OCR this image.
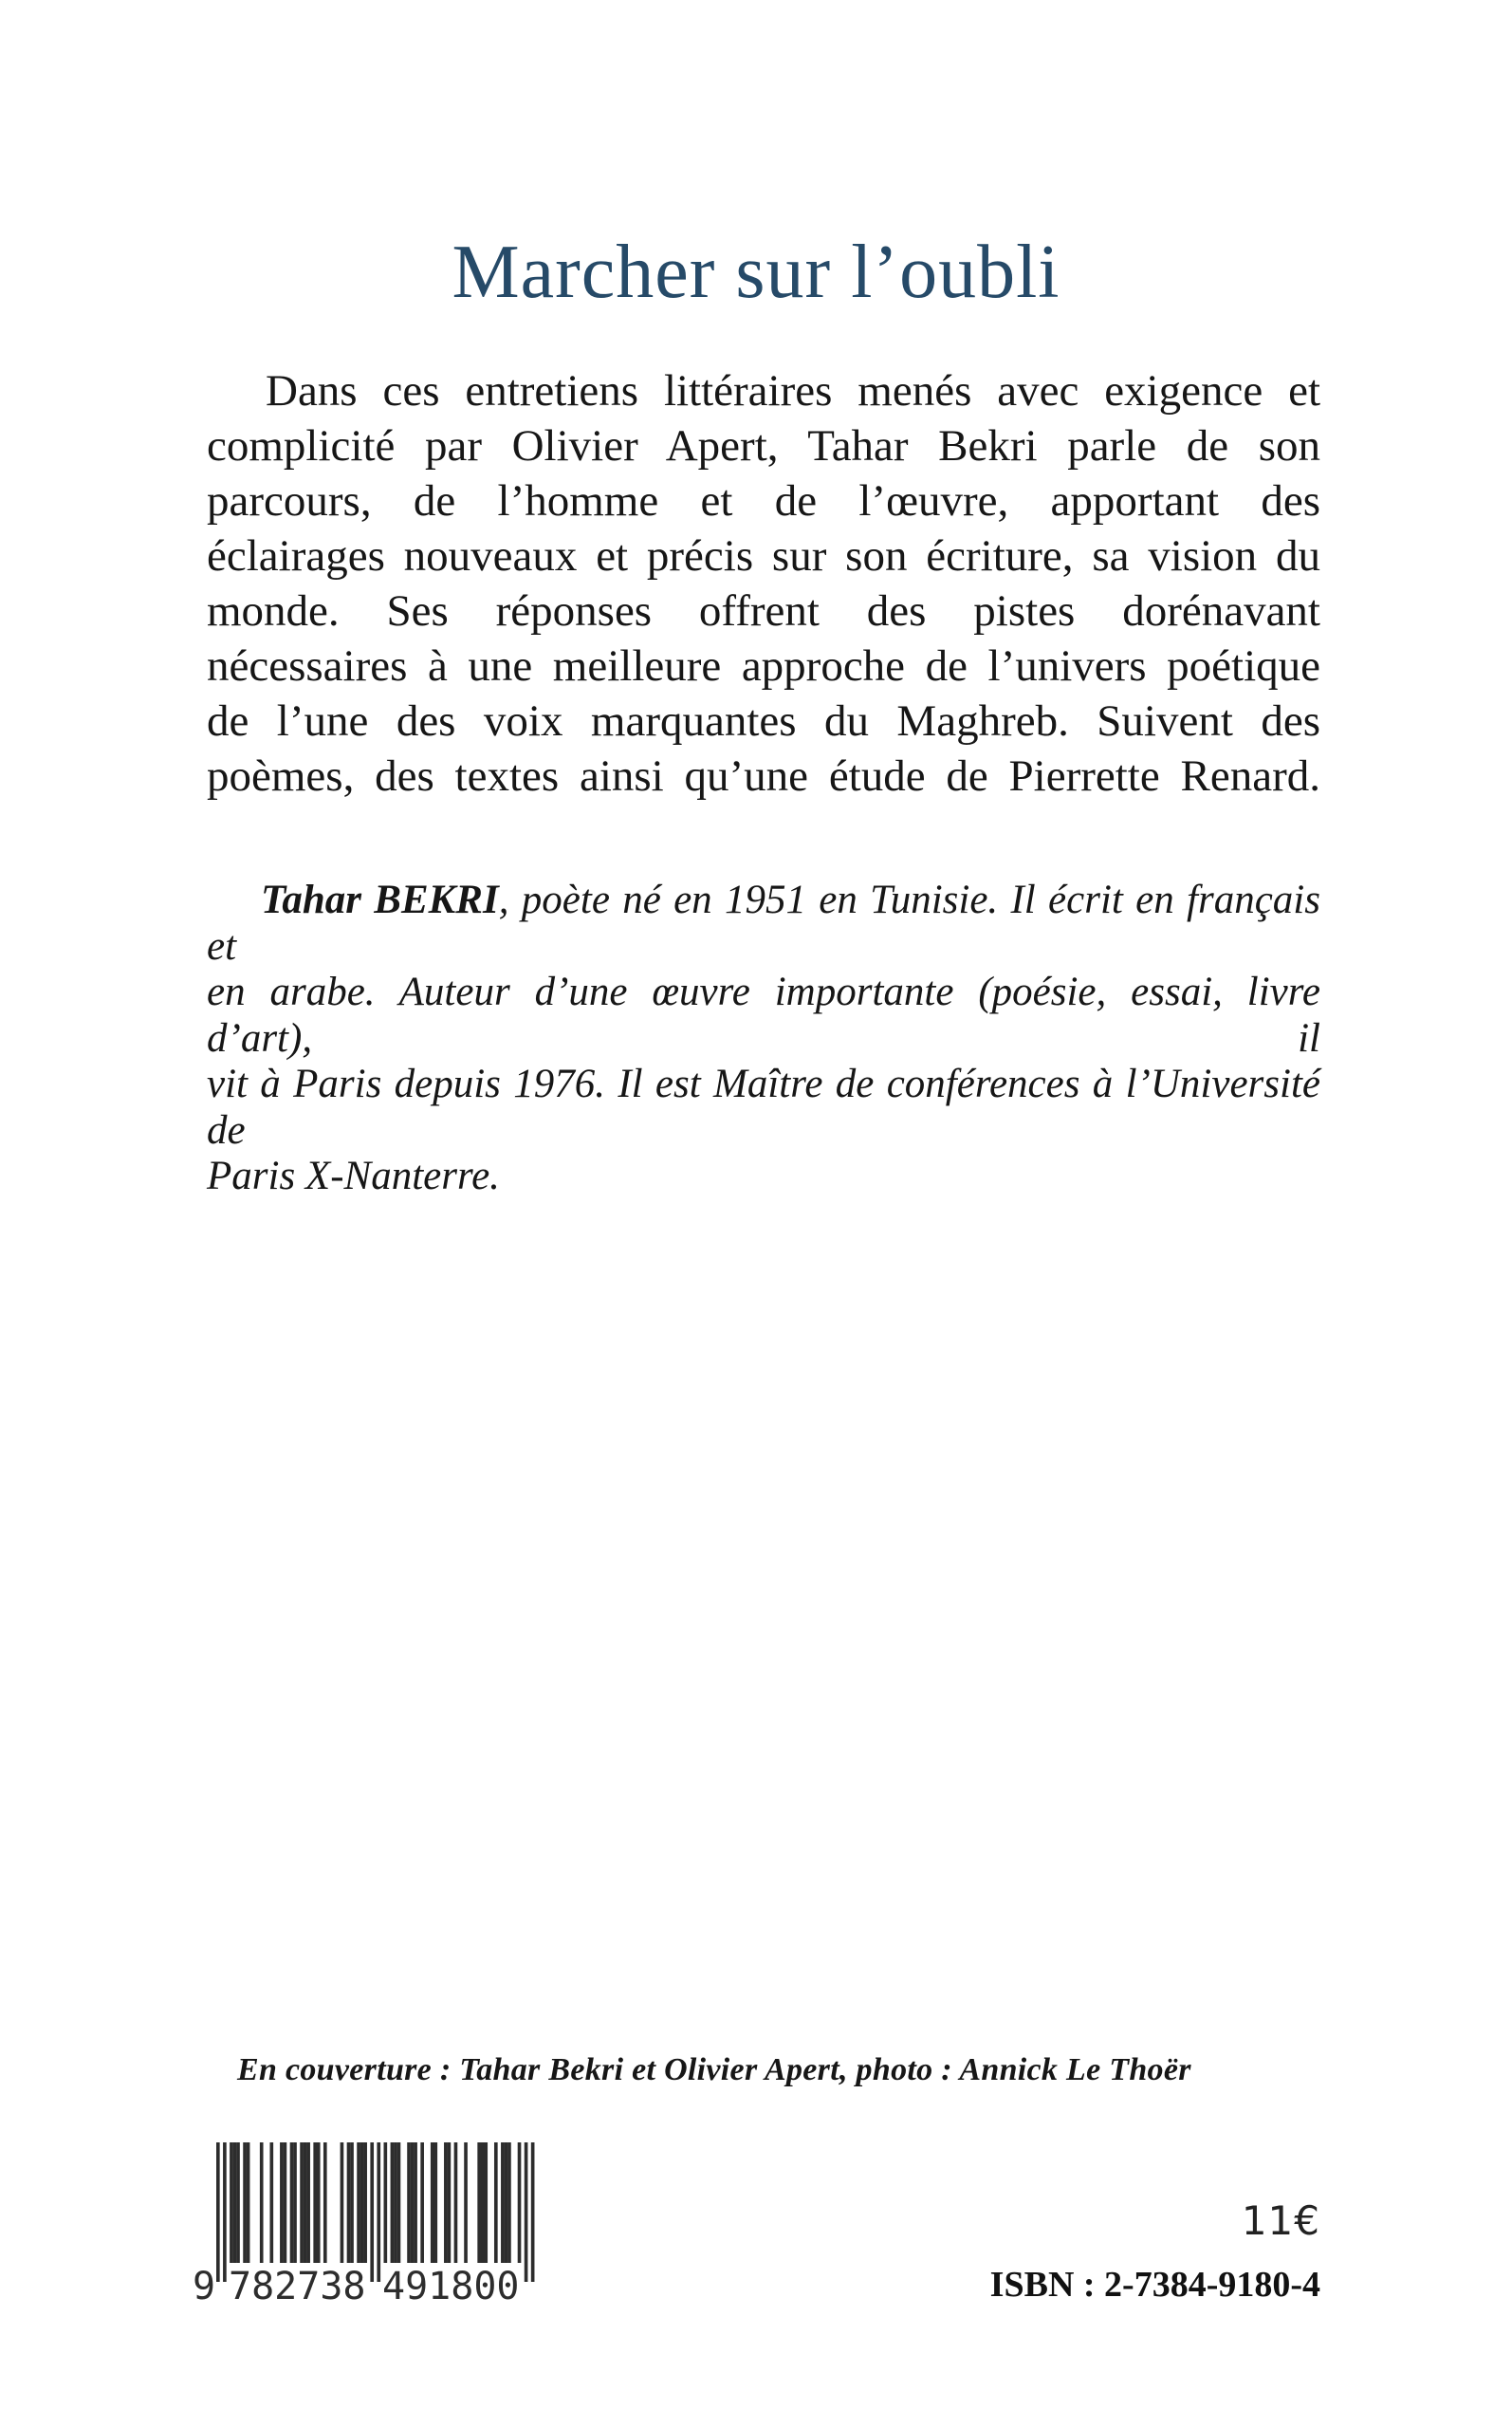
Marcher sur l’oubli
Dans ces entretiens littéraires menés avec exigence et
complicité par Olivier Apert, Tahar Bekri parle de son
parcours, de l’homme et de l’œuvre, apportant des
éclairages nouveaux et précis sur son écriture, sa vision du
monde. Ses réponses offrent des pistes dorénavant
nécessaires à une meilleure approche de l’univers poétique
de l’une des voix marquantes du Maghreb. Suivent des
poèmes, des textes ainsi qu’une étude de Pierrette Renard.
Tahar BEKRI, poète né en 1951 en Tunisie. Il écrit en français et
en arabe. Auteur d’une œuvre importante (poésie, essai, livre d’art), il
vit à Paris depuis 1976. Il est Maître de conférences à l’Université de
Paris X-Nanterre.
En couverture : Tahar Bekri et Olivier Apert, photo : Annick Le Thoër
9 782738 491800
11€
ISBN : 2-7384-9180-4
